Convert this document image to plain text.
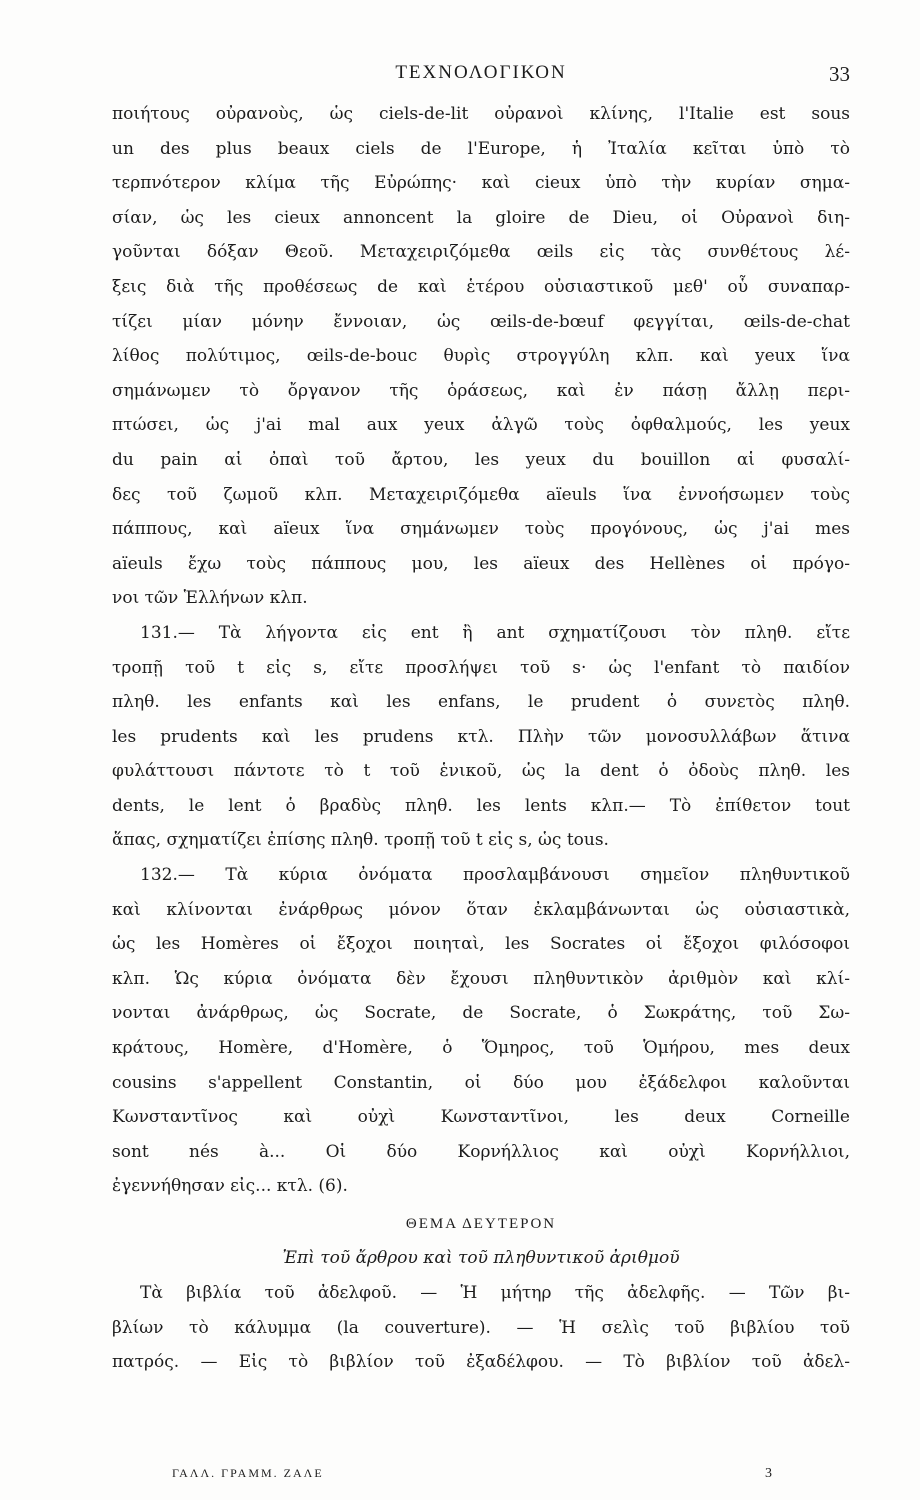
ΤΕΧΝΟΛΟΓΙΚΟΝ	33
ποιήτους οὐρανοὺς, ὡς ciels-de-lit οὐρανοὶ κλίνης, l'Italie est sous
un des plus beaux ciels de l'Europe, ἡ Ἰταλία κεῖται ὑπὸ τὸ
τερπνότερον κλίμα τῆς Εὐρώπης· καὶ cieux ὑπὸ τὴν κυρίαν σημα-
σίαν, ὡς les cieux annoncent la gloire de Dieu, οἱ Οὐρανοὶ διη-
γοῦνται δόξαν Θεοῦ. Μεταχειριζόμεθα œils εἰς τὰς συνθέτους λέ-
ξεις διὰ τῆς προθέσεως de καὶ ἑτέρου οὐσιαστικοῦ μεθ' οὗ συναπαρ-
τίζει μίαν μόνην ἔννοιαν, ὡς œils-de-bœuf φεγγίται, œils-de-chat
λίθος πολύτιμος, œils-de-bouc θυρὶς στρογγύλη κλπ. καὶ yeux ἵνα
σημάνωμεν τὸ ὄργανον τῆς ὁράσεως, καὶ ἐν πάσῃ ἄλλῃ περι-
πτώσει, ὡς j'ai mal aux yeux ἀλγῶ τοὺς ὀφθαλμούς, les yeux
du pain αἱ ὀπαὶ τοῦ ἄρτου, les yeux du bouillon αἱ φυσαλί-
δες τοῦ ζωμοῦ κλπ. Μεταχειριζόμεθα aïeuls ἵνα ἐννοήσωμεν τοὺς
πάππους, καὶ aïeux ἵνα σημάνωμεν τοὺς προγόνους, ὡς j'ai mes
aïeuls ἔχω τοὺς πάππους μου, les aïeux des Hellènes οἱ πρόγο-
νοι τῶν Ἑλλήνων κλπ.
131.— Τὰ λήγοντα εἰς ent ἢ ant σχηματίζουσι τὸν πληθ. εἴτε
τροπῇ τοῦ t εἰς s, εἴτε προσλήψει τοῦ s· ὡς l'enfant τὸ παιδίον
πληθ. les enfants καὶ les enfans, le prudent ὁ συνετὸς πληθ.
les prudents καὶ les prudens κτλ. Πλὴν τῶν μονοσυλλάβων ἅτινα
φυλάττουσι πάντοτε τὸ t τοῦ ἑνικοῦ, ὡς la dent ὁ ὀδοὺς πληθ. les
dents, le lent ὁ βραδὺς πληθ. les lents κλπ.— Τὸ ἐπίθετον tout
ἅπας, σχηματίζει ἐπίσης πληθ. τροπῇ τοῦ t εἰς s, ὡς tous.
132.— Τὰ κύρια ὀνόματα προσλαμβάνουσι σημεῖον πληθυντικοῦ
καὶ κλίνονται ἐνάρθρως μόνον ὅταν ἐκλαμβάνωνται ὡς οὐσιαστικὰ,
ὡς les Homères οἱ ἔξοχοι ποιηταὶ, les Socrates οἱ ἔξοχοι φιλόσοφοι
κλπ. Ὡς κύρια ὀνόματα δὲν ἔχουσι πληθυντικὸν ἀριθμὸν καὶ κλί-
νονται ἀνάρθρως, ὡς Socrate, de Socrate, ὁ Σωκράτης, τοῦ Σω-
κράτους, Homère, d'Homère, ὁ Ὅμηρος, τοῦ Ὁμήρου, mes deux
cousins s'appellent Constantin, οἱ δύο μου ἐξάδελφοι καλοῦνται
Κωνσταντῖνος καὶ οὐχὶ Κωνσταντῖνοι, les deux Corneille
sont nés à... Οἱ δύο Κορνήλλιος καὶ οὐχὶ Κορνήλλιοι,
ἐγεννήθησαν εἰς... κτλ. (6).
ΘΕΜΑ ΔΕΥΤΕΡΟΝ
Ἐπὶ τοῦ ἄρθρου καὶ τοῦ πληθυντικοῦ ἀριθμοῦ
Τὰ βιβλία τοῦ ἀδελφοῦ. — Ἡ μήτηρ τῆς ἀδελφῆς. — Τῶν βι-
βλίων τὸ κάλυμμα (la couverture). — Ἡ σελὶς τοῦ βιβλίου τοῦ
πατρός. — Εἰς τὸ βιβλίον τοῦ ἐξαδέλφου. — Τὸ βιβλίον τοῦ ἀδελ-
ΓΑΛΛ. ΓΡΑΜΜ. ΖΑΛΕ	3
